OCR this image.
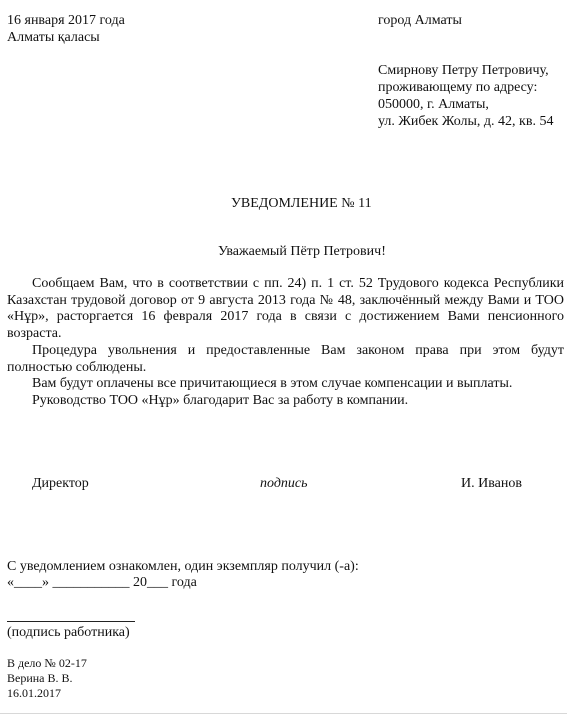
16 января 2017 года	город Алматы
Алматы қаласы
Смирнову Петру Петровичу,
проживающему по адресу:
050000, г. Алматы,
ул. Жибек Жолы, д. 42, кв. 54
УВЕДОМЛЕНИЕ № 11
Уважаемый Пётр Петрович!
Сообщаем Вам, что в соответствии с пп. 24) п. 1 ст. 52 Трудового кодекса Республики Казахстан трудовой договор от 9 августа 2013 года № 48, заключённый между Вами и ТОО «Нұр», расторгается 16 февраля 2017 года в связи с достижением Вами пенсионного возраста.
Процедура увольнения и предоставленные Вам законом права при этом будут полностью соблюдены.
Вам будут оплачены все причитающиеся в этом случае компенсации и выплаты.
Руководство ТОО «Нұр» благодарит Вас за работу в компании.
Директор	подпись	И. Иванов
С уведомлением ознакомлен, один экземпляр получил (-а):
«____» ___________ 20___ года
(подпись работника)
В дело № 02-17
Верина В. В.
16.01.2017
